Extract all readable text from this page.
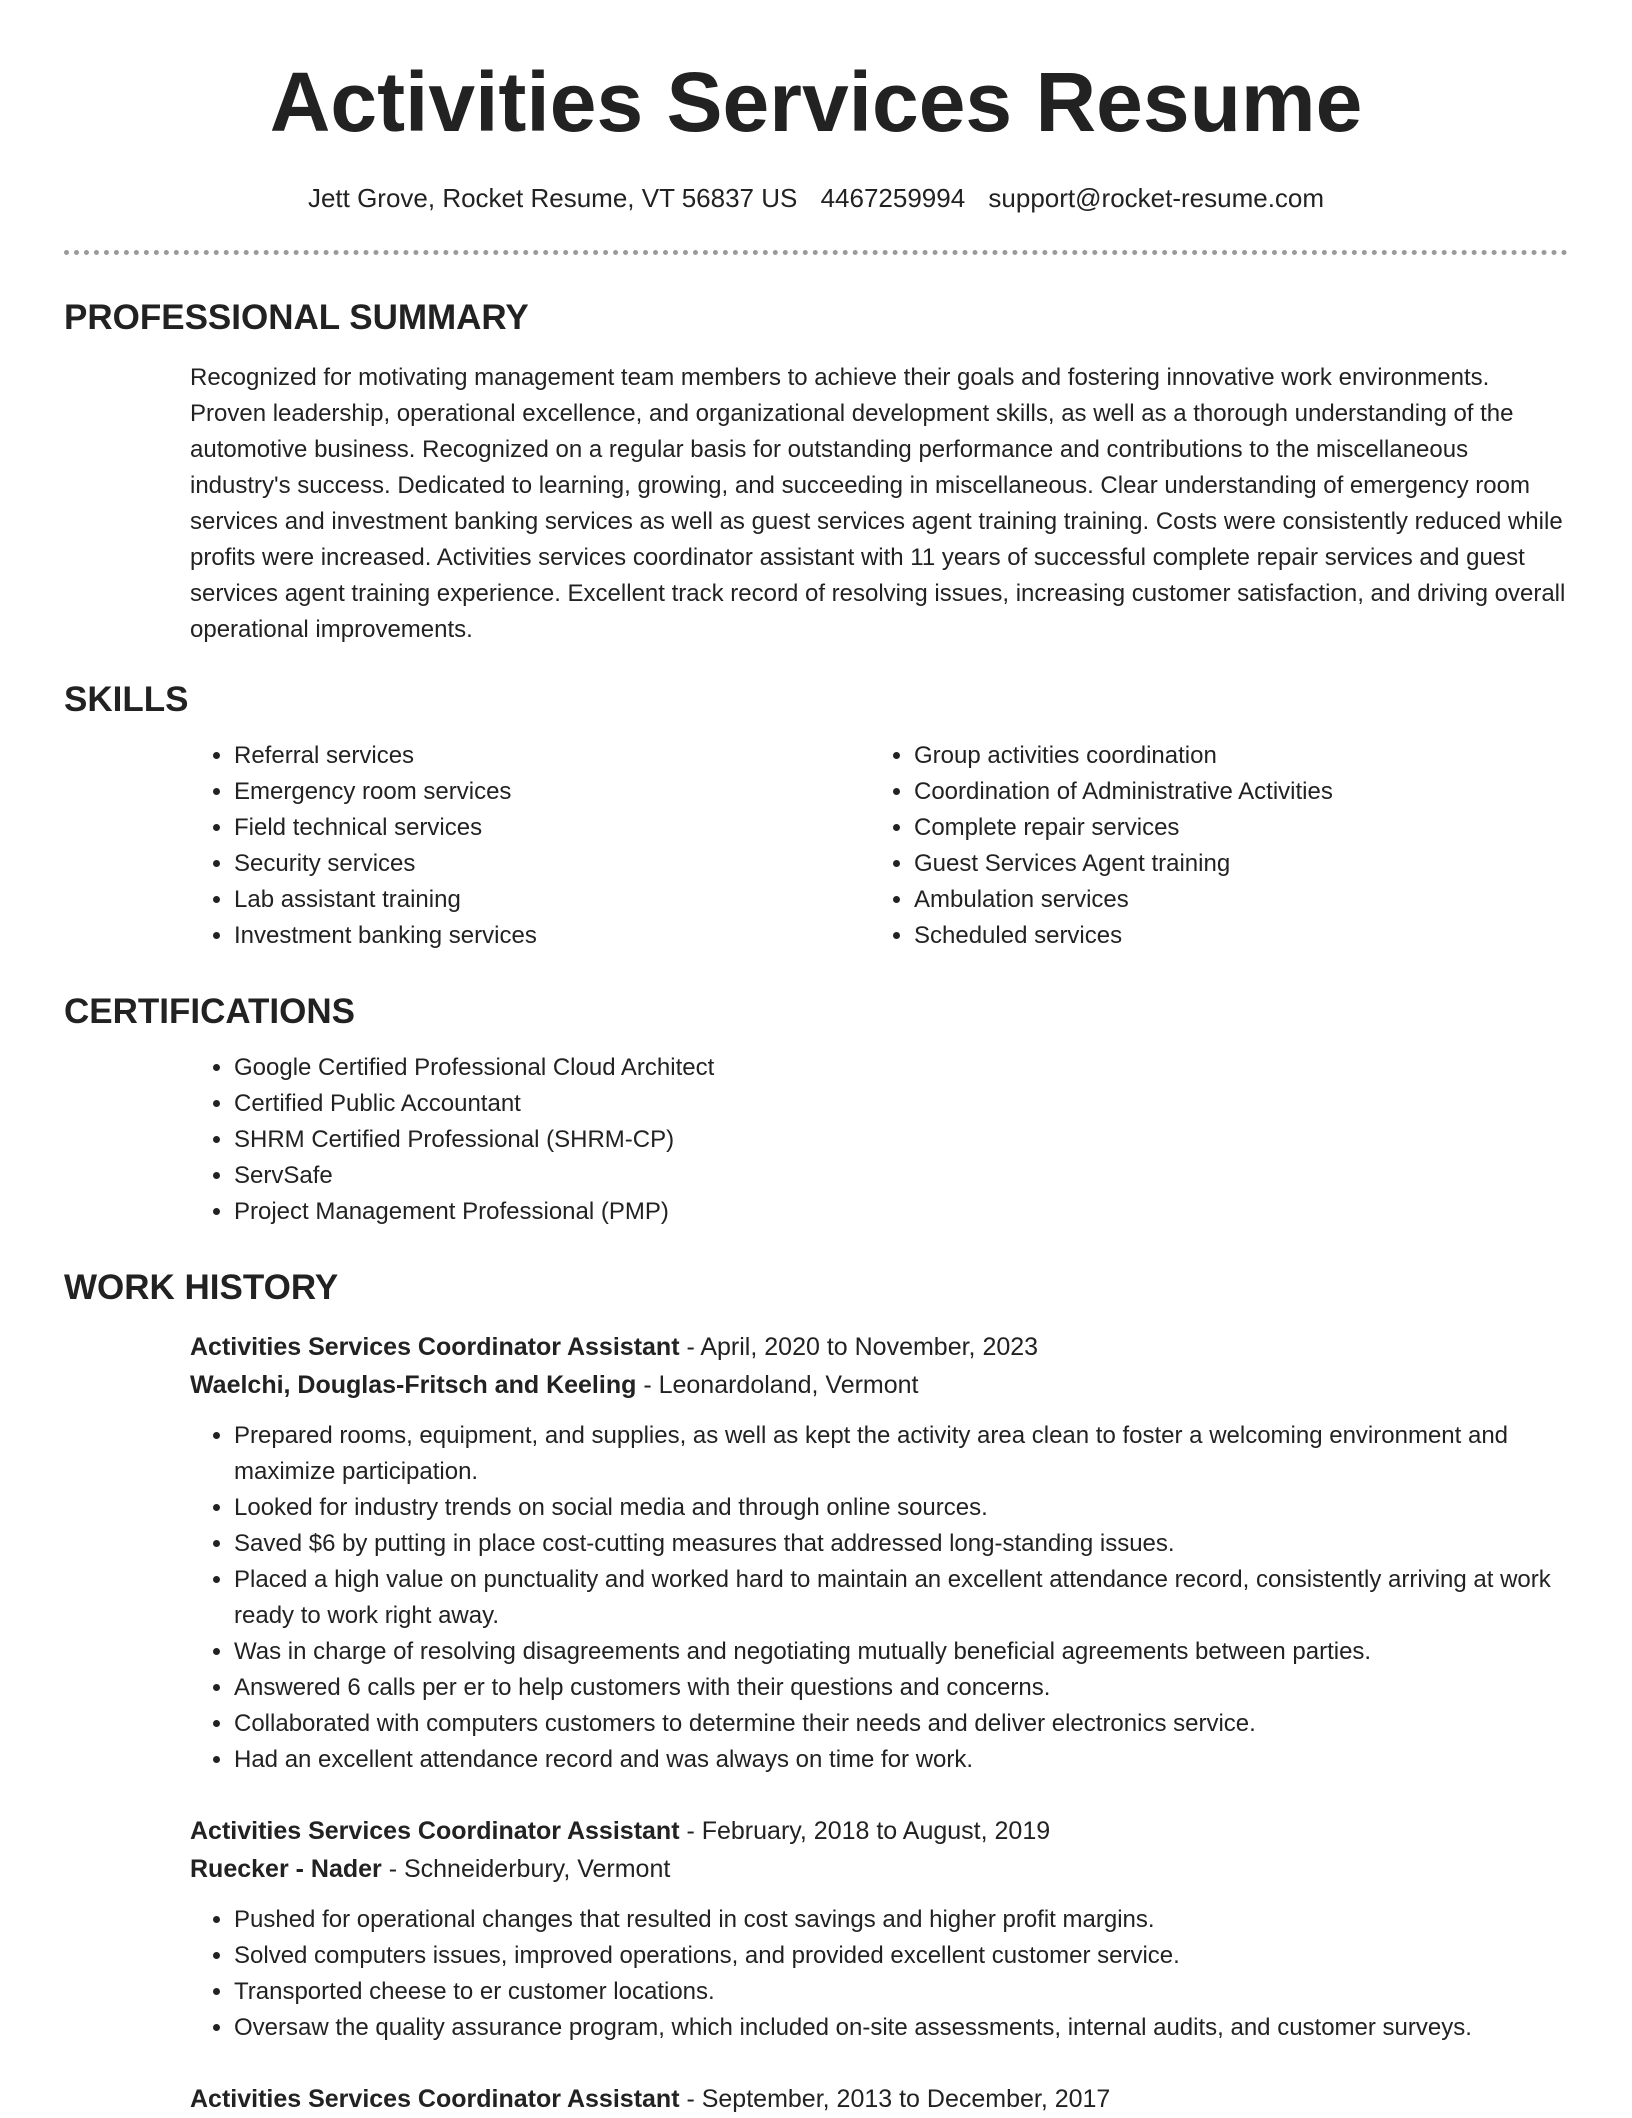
Activities Services Resume
Jett Grove, Rocket Resume, VT 56837 US 4467259994 support@rocket-resume.com
PROFESSIONAL SUMMARY

Recognized for motivating management team members to achieve their goals and fostering innovative work environments. Proven leadership, operational excellence, and organizational development skills, as well as a thorough understanding of the automotive business. Recognized on a regular basis for outstanding performance and contributions to the miscellaneous industry's success. Dedicated to learning, growing, and succeeding in miscellaneous. Clear understanding of emergency room services and investment banking services as well as guest services agent training training. Costs were consistently reduced while profits were increased. Activities services coordinator assistant with 11 years of successful complete repair services and guest services agent training experience. Excellent track record of resolving issues, increasing customer satisfaction, and driving overall operational improvements.

SKILLS
• Referral services
• Emergency room services
• Field technical services
• Security services
• Lab assistant training
• Investment banking services
• Group activities coordination
• Coordination of Administrative Activities
• Complete repair services
• Guest Services Agent training
• Ambulation services
• Scheduled services
CERTIFICATIONS
• Google Certified Professional Cloud Architect
• Certified Public Accountant
• SHRM Certified Professional (SHRM-CP)
• ServSafe
• Project Management Professional (PMP)
WORK HISTORY
Activities Services Coordinator Assistant - April, 2020 to November, 2023
Waelchi, Douglas-Fritsch and Keeling - Leonardoland, Vermont
• Prepared rooms, equipment, and supplies, as well as kept the activity area clean to foster a welcoming environment and maximize participation.
• Looked for industry trends on social media and through online sources.
• Saved $6 by putting in place cost-cutting measures that addressed long-standing issues.
• Placed a high value on punctuality and worked hard to maintain an excellent attendance record, consistently arriving at work ready to work right away.
• Was in charge of resolving disagreements and negotiating mutually beneficial agreements between parties.
• Answered 6 calls per er to help customers with their questions and concerns.
• Collaborated with computers customers to determine their needs and deliver electronics service.
• Had an excellent attendance record and was always on time for work.
Activities Services Coordinator Assistant - February, 2018 to August, 2019
Ruecker - Nader - Schneiderbury, Vermont
• Pushed for operational changes that resulted in cost savings and higher profit margins.
• Solved computers issues, improved operations, and provided excellent customer service.
• Transported cheese to er customer locations.
• Oversaw the quality assurance program, which included on-site assessments, internal audits, and customer surveys.
Activities Services Coordinator Assistant - September, 2013 to December, 2017
